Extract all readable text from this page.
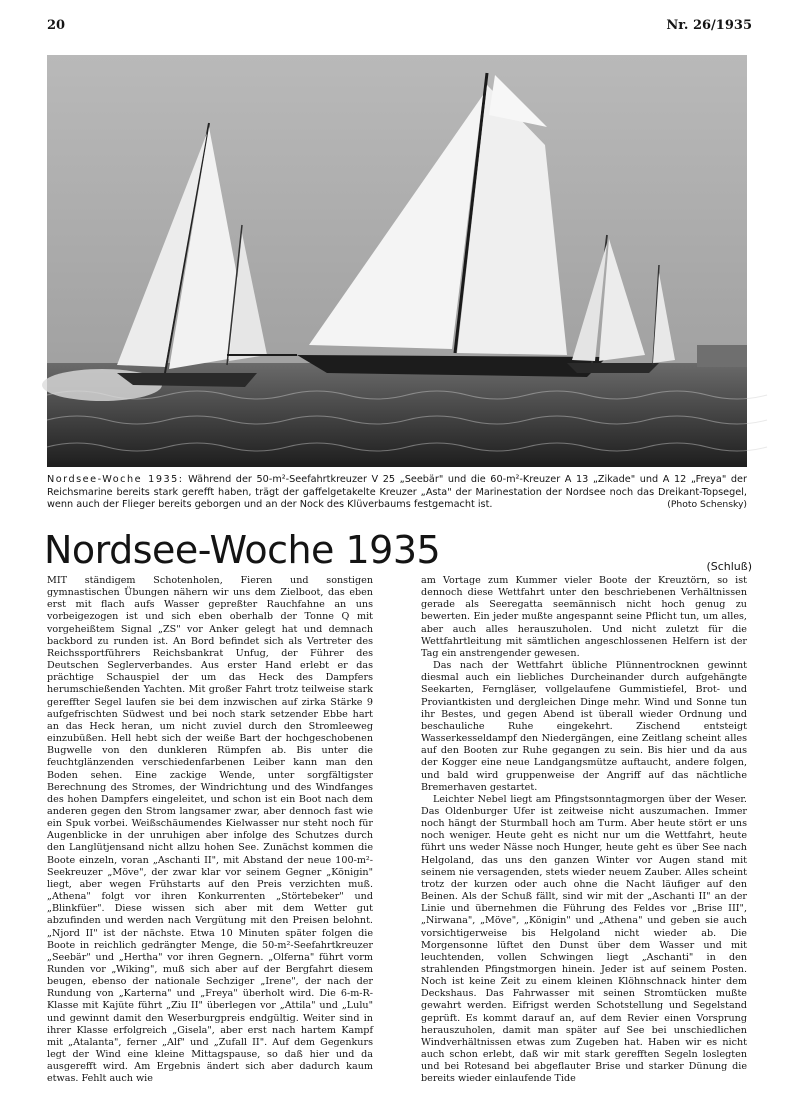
20	Nr. 26/1935
Nordsee-Woche 1935: Während der 50-m²-Seefahrtkreuzer V 25 „Seebär" und die 60-m²-Kreuzer A 13 „Zikade" und A 12 „Freya" der Reichsmarine bereits stark gerefft haben, trägt der gaffelgetakelte Kreuzer „Asta" der Marinestation der Nordsee noch das Dreikant-Topsegel, wenn auch der Flieger bereits geborgen und an der Nock des Klüverbaums festgemacht ist.	(Photo Schensky)
Nordsee-Woche 1935	(Schluß)

MIT ständigem Schotenholen, Fieren und sonstigen gymnastischen Übungen nähern wir uns dem Zielboot, das eben erst mit flach aufs Wasser gepreßter Rauchfahne an uns vorbeigezogen ist und sich eben oberhalb der Tonne Q mit vorgeheißtem Signal „ZS" vor Anker gelegt hat und demnach backbord zu runden ist. An Bord befindet sich als Vertreter des Reichssportführers Reichsbankrat Unfug, der Führer des Deutschen Seglerverbandes. Aus erster Hand erlebt er das prächtige Schauspiel der um das Heck des Dampfers herumschießenden Yachten. Mit großer Fahrt trotz teilweise stark gereffter Segel laufen sie bei dem inzwischen auf zirka Stärke 9 aufgefrischten Südwest und bei noch stark setzender Ebbe hart an das Heck heran, um nicht zuviel durch den Stromleeweg einzubüßen. Hell hebt sich der weiße Bart der hochgeschobenen Bugwelle von den dunkleren Rümpfen ab. Bis unter die feuchtglänzenden verschiedenfarbenen Leiber kann man den Boden sehen. Eine zackige Wende, unter sorgfältigster Berechnung des Stromes, der Windrichtung und des Windfanges des hohen Dampfers eingeleitet, und schon ist ein Boot nach dem anderen gegen den Strom langsamer zwar, aber dennoch fast wie ein Spuk vorbei. Weißschäumendes Kielwasser nur steht noch für Augenblicke in der unruhigen aber infolge des Schutzes durch den Langlütjensand nicht allzu hohen See. Zunächst kommen die Boote einzeln, voran „Aschanti II", mit Abstand der neue 100-m²-Seekreuzer „Möve", der zwar klar vor seinem Gegner „Königin" liegt, aber wegen Frühstarts auf den Preis verzichten muß. „Athena" folgt vor ihren Konkurrenten „Störtebeker" und „Blinkfüer". Diese wissen sich aber mit dem Wetter gut abzufinden und werden nach Vergütung mit den Preisen belohnt. „Njord II" ist der nächste. Etwa 10 Minuten später folgen die Boote in reichlich gedrängter Menge, die 50-m²-Seefahrtkreuzer „Seebär" und „Hertha" vor ihren Gegnern. „Olferna" führt vorm Runden vor „Wiking", muß sich aber auf der Bergfahrt diesem beugen, ebenso der nationale Sechziger „Irene", der nach der Rundung von „Karterna" und „Freya" überholt wird. Die 6-m-R-Klasse mit Kajüte führt „Ziu II" überlegen vor „Attila" und „Lulu" und gewinnt damit den Weserburgpreis endgültig. Weiter sind in ihrer Klasse erfolgreich „Gisela", aber erst nach hartem Kampf mit „Atalanta", ferner „Alf" und „Zufall II". Auf dem Gegenkurs legt der Wind eine kleine Mittagspause, so daß hier und da ausgerefft wird. Am Ergebnis ändert sich aber dadurch kaum etwas. Fehlt auch wie

am Vortage zum Kummer vieler Boote der Kreuztörn, so ist dennoch diese Wettfahrt unter den beschriebenen Verhältnissen gerade als Seeregatta seemännisch nicht hoch genug zu bewerten. Ein jeder mußte angespannt seine Pflicht tun, um alles, aber auch alles herauszuholen. Und nicht zuletzt für die Wettfahrtleitung mit sämtlichen angeschlossenen Helfern ist der Tag ein anstrengender gewesen.

Das nach der Wettfahrt übliche Plünnentrocknen gewinnt diesmal auch ein liebliches Durcheinander durch aufgehängte Seekarten, Ferngläser, vollgelaufene Gummistiefel, Brot- und Proviantkisten und dergleichen Dinge mehr. Wind und Sonne tun ihr Bestes, und gegen Abend ist überall wieder Ordnung und beschauliche Ruhe eingekehrt. Zischend entsteigt Wasserkesseldampf den Niedergängen, eine Zeitlang scheint alles auf den Booten zur Ruhe gegangen zu sein. Bis hier und da aus der Kogger eine neue Landgangsmütze auftaucht, andere folgen, und bald wird gruppenweise der Angriff auf das nächtliche Bremerhaven gestartet.

Leichter Nebel liegt am Pfingstsonntagmorgen über der Weser. Das Oldenburger Ufer ist zeitweise nicht auszumachen. Immer noch hängt der Sturmball hoch am Turm. Aber heute stört er uns noch weniger. Heute geht es nicht nur um die Wettfahrt, heute führt uns weder Nässe noch Hunger, heute geht es über See nach Helgoland, das uns den ganzen Winter vor Augen stand mit seinem nie versagenden, stets wieder neuem Zauber. Alles scheint trotz der kurzen oder auch ohne die Nacht läufiger auf den Beinen. Als der Schuß fällt, sind wir mit der „Aschanti II" an der Linie und übernehmen die Führung des Feldes vor „Brise III", „Nirwana", „Möve", „Königin" und „Athena" und geben sie auch vorsichtigerweise bis Helgoland nicht wieder ab. Die Morgensonne lüftet den Dunst über dem Wasser und mit leuchtenden, vollen Schwingen liegt „Aschanti" in den strahlenden Pfingstmorgen hinein. Jeder ist auf seinem Posten. Noch ist keine Zeit zu einem kleinen Klöhnschnack hinter dem Deckshaus. Das Fahrwasser mit seinen Stromtücken mußte gewahrt werden. Eifrigst werden Schotstellung und Segelstand geprüft. Es kommt darauf an, auf dem Revier einen Vorsprung herauszuholen, damit man später auf See bei unschiedlichen Windverhältnissen etwas zum Zugeben hat. Haben wir es nicht auch schon erlebt, daß wir mit stark gerefften Segeln loslegten und bei Rotesand bei abgeflauter Brise und starker Dünung die bereits wieder einlaufende Tide
